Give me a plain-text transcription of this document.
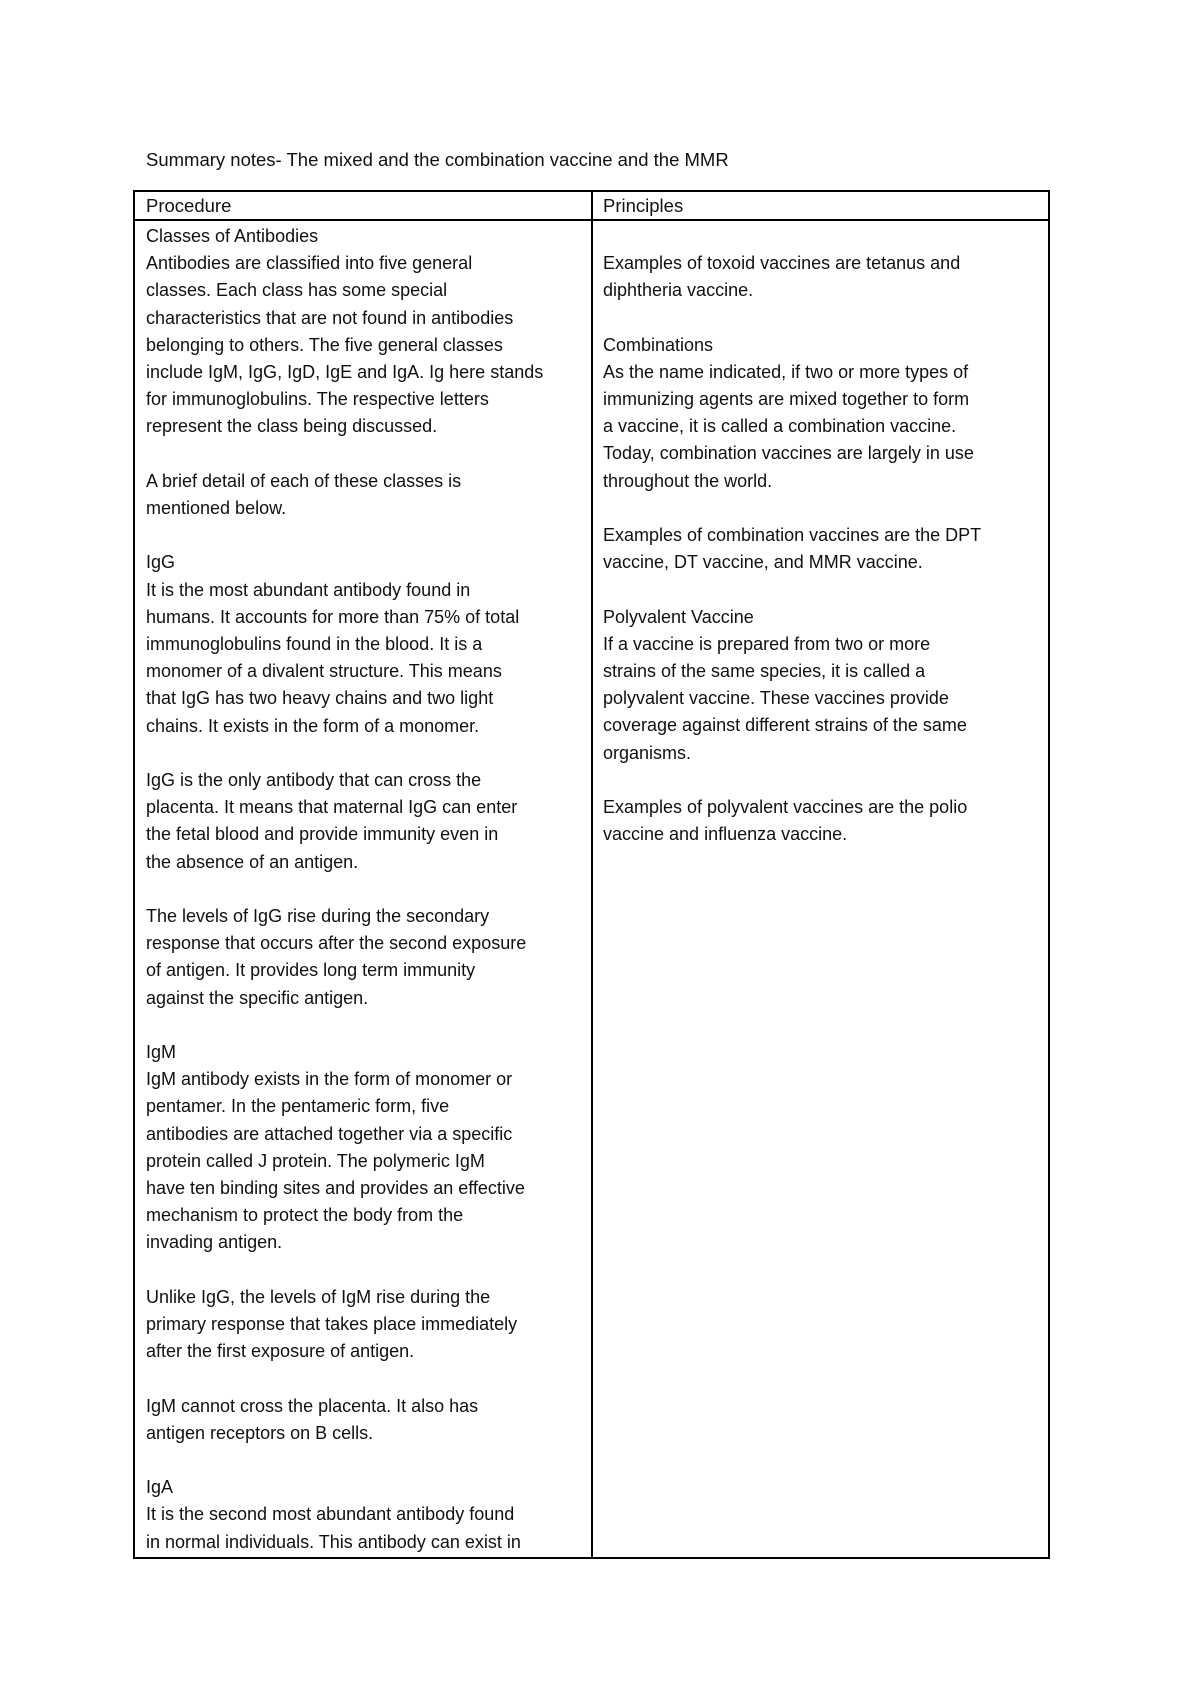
Summary notes- The mixed and the combination vaccine and the MMR
Procedure	Principles

Classes of Antibodies

Antibodies are classified into five general
classes. Each class has some special
characteristics that are not found in antibodies
belonging to others. The five general classes
include IgM, IgG, IgD, IgE and IgA. Ig here stands
for immunoglobulins. The respective letters
represent the class being discussed.

A brief detail of each of these classes is
mentioned below.

IgG
It is the most abundant antibody found in
humans. It accounts for more than 75% of total
immunoglobulins found in the blood. It is a
monomer of a divalent structure. This means
that IgG has two heavy chains and two light
chains. It exists in the form of a monomer.

IgG is the only antibody that can cross the
placenta. It means that maternal IgG can enter
the fetal blood and provide immunity even in
the absence of an antigen.

The levels of IgG rise during the secondary
response that occurs after the second exposure
of antigen. It provides long term immunity
against the specific antigen.

IgM
IgM antibody exists in the form of monomer or
pentamer. In the pentameric form, five
antibodies are attached together via a specific
protein called J protein. The polymeric IgM
have ten binding sites and provides an effective
mechanism to protect the body from the
invading antigen.

Unlike IgG, the levels of IgM rise during the
primary response that takes place immediately
after the first exposure of antigen.

IgM cannot cross the placenta. It also has
antigen receptors on B cells.

IgA
It is the second most abundant antibody found
in normal individuals. This antibody can exist in

Examples of toxoid vaccines are tetanus and
diphtheria vaccine.

Combinations
As the name indicated, if two or more types of
immunizing agents are mixed together to form
a vaccine, it is called a combination vaccine.
Today, combination vaccines are largely in use
throughout the world.

Examples of combination vaccines are the DPT
vaccine, DT vaccine, and MMR vaccine.

Polyvalent Vaccine
If a vaccine is prepared from two or more
strains of the same species, it is called a
polyvalent vaccine. These vaccines provide
coverage against different strains of the same
organisms.

Examples of polyvalent vaccines are the polio
vaccine and influenza vaccine.
